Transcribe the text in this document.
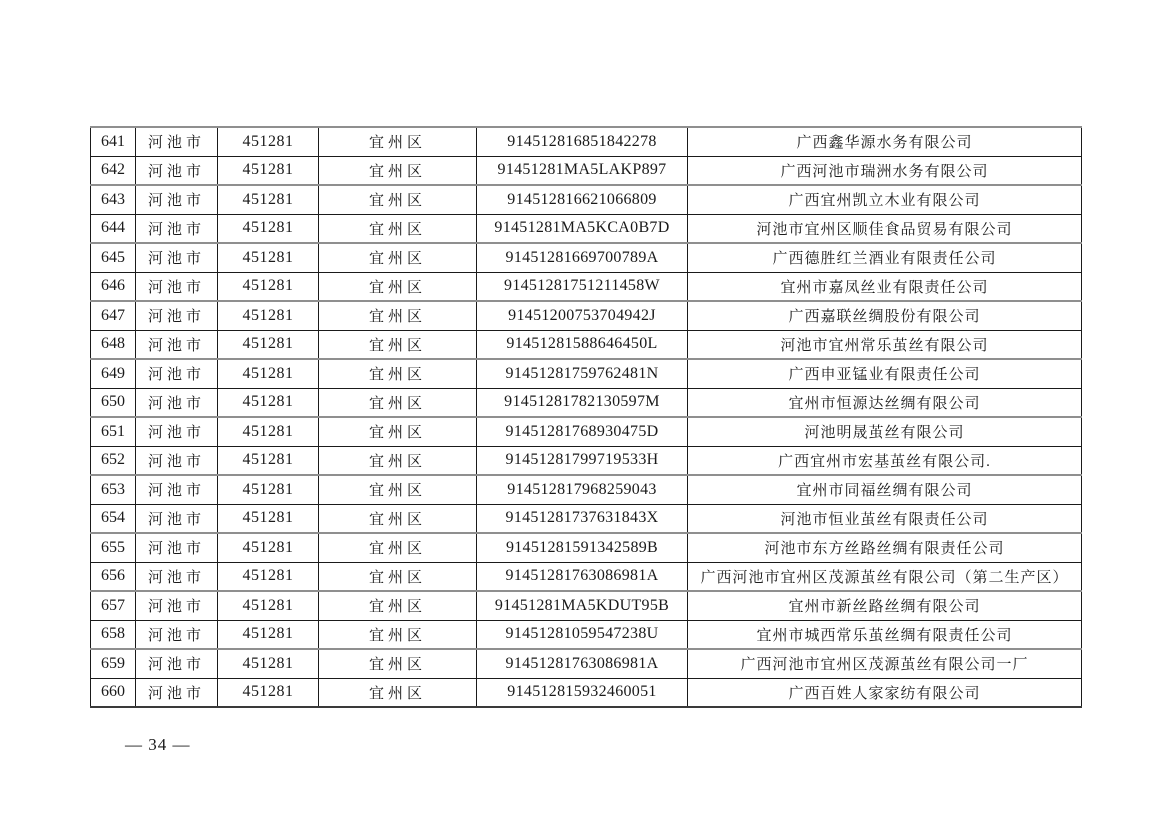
641	河池市	451281	宜州区	914512816851842278	广西鑫华源水务有限公司
642	河池市	451281	宜州区	91451281MA5LAKP897	广西河池市瑞洲水务有限公司
643	河池市	451281	宜州区	914512816621066809	广西宜州凯立木业有限公司
644	河池市	451281	宜州区	91451281MA5KCA0B7D	河池市宜州区顺佳食品贸易有限公司
645	河池市	451281	宜州区	91451281669700789A	广西德胜红兰酒业有限责任公司
646	河池市	451281	宜州区	91451281751211458W	宜州市嘉凤丝业有限责任公司
647	河池市	451281	宜州区	91451200753704942J	广西嘉联丝绸股份有限公司
648	河池市	451281	宜州区	91451281588646450L	河池市宜州常乐茧丝有限公司
649	河池市	451281	宜州区	91451281759762481N	广西申亚锰业有限责任公司
650	河池市	451281	宜州区	91451281782130597M	宜州市恒源达丝绸有限公司
651	河池市	451281	宜州区	91451281768930475D	河池明晟茧丝有限公司
652	河池市	451281	宜州区	91451281799719533H	广西宜州市宏基茧丝有限公司.
653	河池市	451281	宜州区	914512817968259043	宜州市同福丝绸有限公司
654	河池市	451281	宜州区	91451281737631843X	河池市恒业茧丝有限责任公司
655	河池市	451281	宜州区	91451281591342589B	河池市东方丝路丝绸有限责任公司
656	河池市	451281	宜州区	91451281763086981A	广西河池市宜州区茂源茧丝有限公司（第二生产区）
657	河池市	451281	宜州区	91451281MA5KDUT95B	宜州市新丝路丝绸有限公司
658	河池市	451281	宜州区	91451281059547238U	宜州市城西常乐茧丝绸有限责任公司
659	河池市	451281	宜州区	91451281763086981A	广西河池市宜州区茂源茧丝有限公司一厂
660	河池市	451281	宜州区	914512815932460051	广西百姓人家家纺有限公司
— 34 —
